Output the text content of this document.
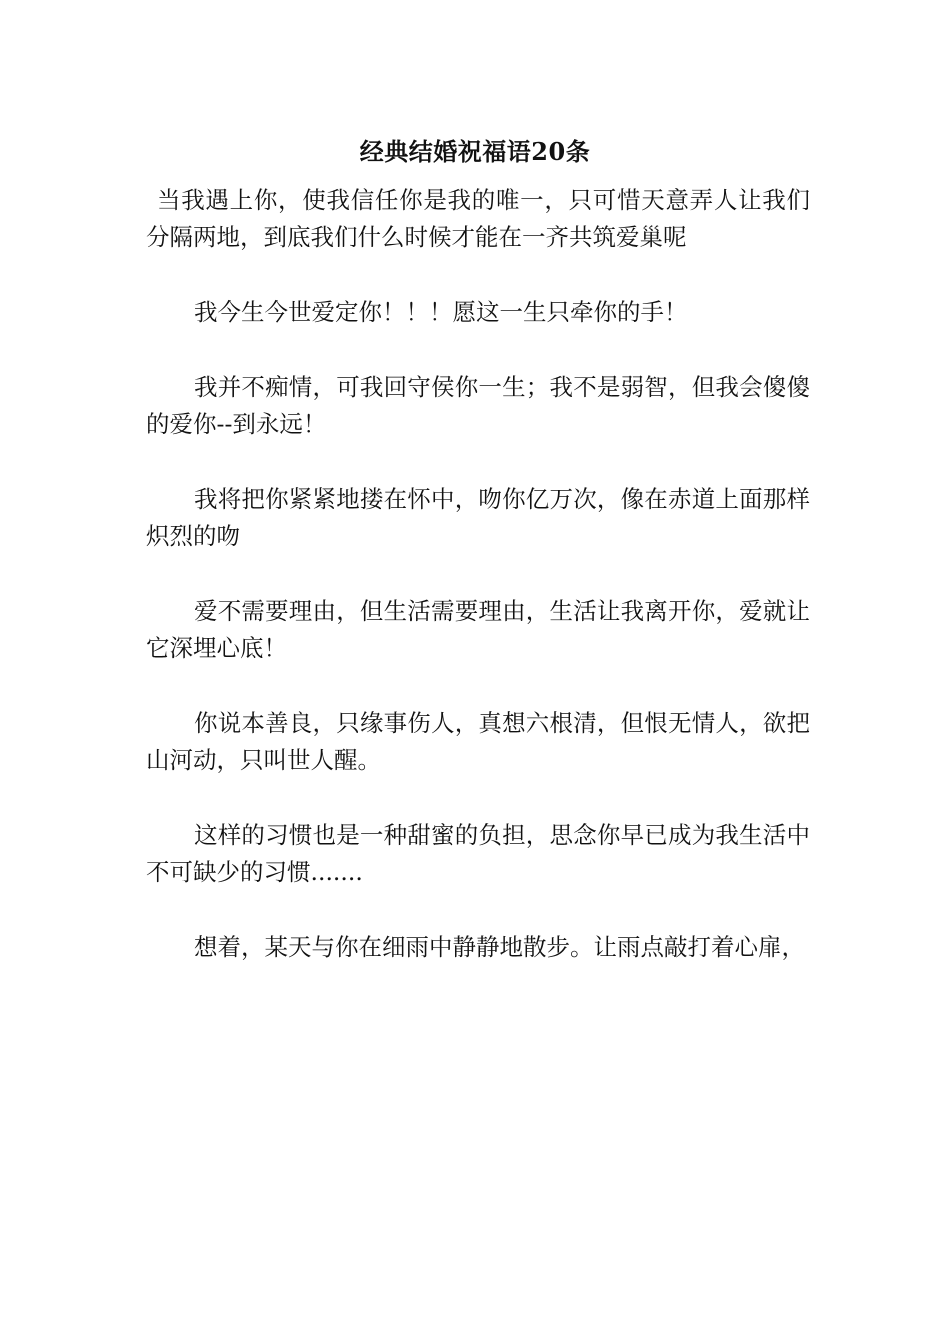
经典结婚祝福语20条

当我遇上你，使我信任你是我的唯一，只可惜天意弄人让我们分隔两地，到底我们什么时候才能在一齐共筑爱巢呢

我今生今世爱定你！！！愿这一生只牵你的手！

我并不痴情，可我回守侯你一生；我不是弱智，但我会傻傻的爱你--到永远！

我将把你紧紧地搂在怀中，吻你亿万次，像在赤道上面那样炽烈的吻

爱不需要理由，但生活需要理由，生活让我离开你，爱就让它深埋心底！

你说本善良，只缘事伤人，真想六根清，但恨无情人，欲把山河动，只叫世人醒。

这样的习惯也是一种甜蜜的负担，思念你早已成为我生活中不可缺少的习惯.......

想着，某天与你在细雨中静静地散步。让雨点敲打着心扉，
